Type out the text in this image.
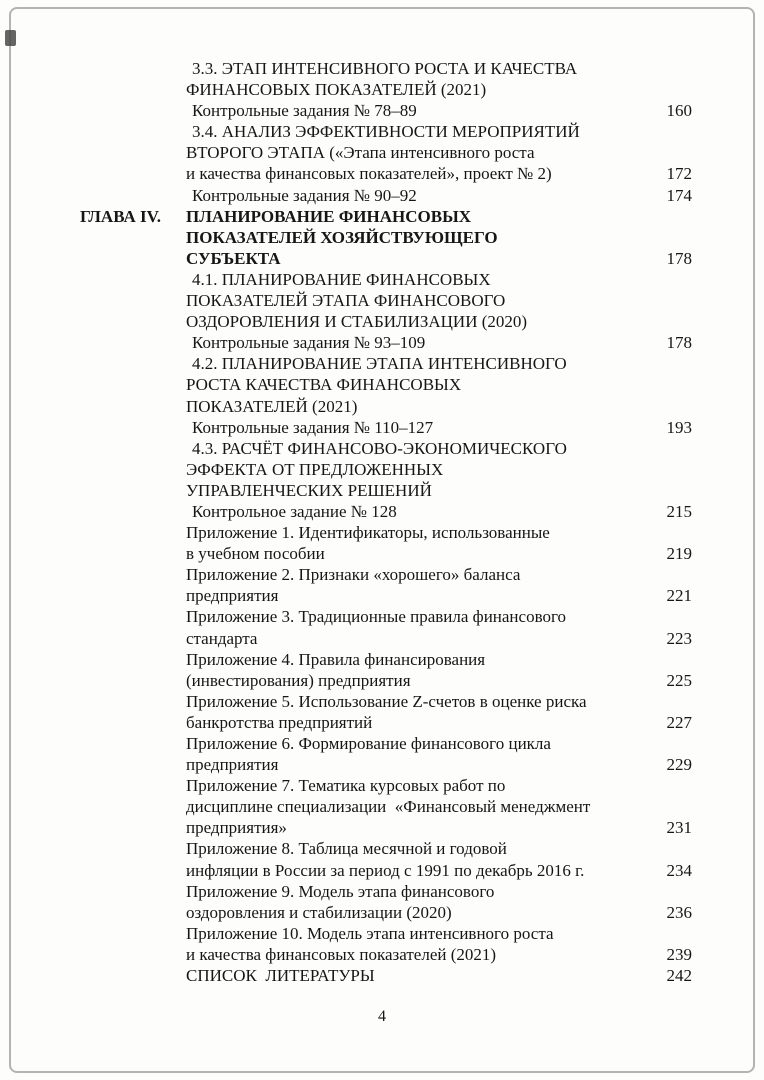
3.3. ЭТАП ИНТЕНСИВНОГО РОСТА И КАЧЕСТВА
ФИНАНСОВЫХ ПОКАЗАТЕЛЕЙ (2021)
Контрольные задания № 78–89	160
3.4. АНАЛИЗ ЭФФЕКТИВНОСТИ МЕРОПРИЯТИЙ
ВТОРОГО ЭТАПА («Этапа интенсивного роста
и качества финансовых показателей», проект № 2)	172
Контрольные задания № 90–92	174
ГЛАВА IV.	ПЛАНИРОВАНИЕ ФИНАНСОВЫХ
ПОКАЗАТЕЛЕЙ ХОЗЯЙСТВУЮЩЕГО
СУБЪЕКТА	178
4.1. ПЛАНИРОВАНИЕ ФИНАНСОВЫХ
ПОКАЗАТЕЛЕЙ ЭТАПА ФИНАНСОВОГО
ОЗДОРОВЛЕНИЯ И СТАБИЛИЗАЦИИ (2020)
Контрольные задания № 93–109	178
4.2. ПЛАНИРОВАНИЕ ЭТАПА ИНТЕНСИВНОГО
РОСТА КАЧЕСТВА ФИНАНСОВЫХ
ПОКАЗАТЕЛЕЙ (2021)
Контрольные задания № 110–127	193
4.3. РАСЧЁТ ФИНАНСОВО-ЭКОНОМИЧЕСКОГО
ЭФФЕКТА ОТ ПРЕДЛОЖЕННЫХ
УПРАВЛЕНЧЕСКИХ РЕШЕНИЙ
Контрольное задание № 128	215
Приложение 1. Идентификаторы, использованные
в учебном пособии	219
Приложение 2. Признаки «хорошего» баланса
предприятия	221
Приложение 3. Традиционные правила финансового
стандарта	223
Приложение 4. Правила финансирования
(инвестирования) предприятия	225
Приложение 5. Использование Z-счетов в оценке риска
банкротства предприятий	227
Приложение 6. Формирование финансового цикла
предприятия	229
Приложение 7. Тематика курсовых работ по
дисциплине специализации  «Финансовый менеджмент
предприятия»	231
Приложение 8. Таблица месячной и годовой
инфляции в России за период с 1991 по декабрь 2016 г.	234
Приложение 9. Модель этапа финансового
оздоровления и стабилизации (2020)	236
Приложение 10. Модель этапа интенсивного роста
и качества финансовых показателей (2021)	239
СПИСОК  ЛИТЕРАТУРЫ	242
4
